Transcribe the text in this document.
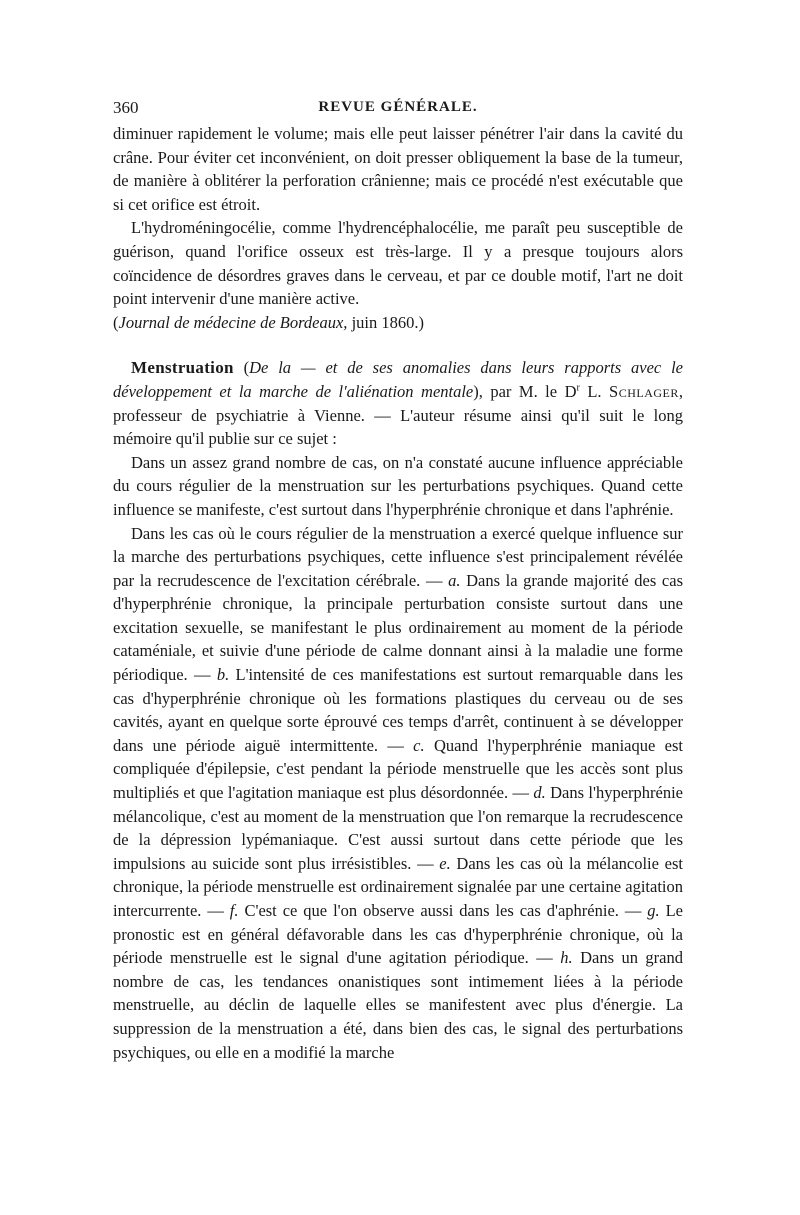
360	REVUE GÉNÉRALE.

diminuer rapidement le volume; mais elle peut laisser pénétrer l'air dans la cavité du crâne. Pour éviter cet inconvénient, on doit presser obliquement la base de la tumeur, de manière à oblitérer la perforation crânienne; mais ce procédé n'est exécutable que si cet orifice est étroit.

L'hydroméningocélie, comme l'hydrencéphalocélie, me paraît peu susceptible de guérison, quand l'orifice osseux est très-large. Il y a presque toujours alors coïncidence de désordres graves dans le cerveau, et par ce double motif, l'art ne doit point intervenir d'une manière active.
(Journal de médecine de Bordeaux, juin 1860.)

Menstruation (De la — et de ses anomalies dans leurs rapports avec le développement et la marche de l'aliénation mentale), par M. le $D^r$ L. Schlager, professeur de psychiatrie à Vienne. — L'auteur résume ainsi qu'il suit le long mémoire qu'il publie sur ce sujet :

Dans un assez grand nombre de cas, on n'a constaté aucune influence appréciable du cours régulier de la menstruation sur les perturbations psychiques. Quand cette influence se manifeste, c'est surtout dans l'hyperphrénie chronique et dans l'aphrénie.

Dans les cas où le cours régulier de la menstruation a exercé quelque influence sur la marche des perturbations psychiques, cette influence s'est principalement révélée par la recrudescence de l'excitation cérébrale. — a. Dans la grande majorité des cas d'hyperphrénie chronique, la principale perturbation consiste surtout dans une excitation sexuelle, se manifestant le plus ordinairement au moment de la période cataméniale, et suivie d'une période de calme donnant ainsi à la maladie une forme périodique. — b. L'intensité de ces manifestations est surtout remarquable dans les cas d'hyperphrénie chronique où les formations plastiques du cerveau ou de ses cavités, ayant en quelque sorte éprouvé ces temps d'arrêt, continuent à se développer dans une période aiguë intermittente. — c. Quand l'hyperphrénie maniaque est compliquée d'épilepsie, c'est pendant la période menstruelle que les accès sont plus multipliés et que l'agitation maniaque est plus désordonnée. — d. Dans l'hyperphrénie mélancolique, c'est au moment de la menstruation que l'on remarque la recrudescence de la dépression lypémaniaque. C'est aussi surtout dans cette période que les impulsions au suicide sont plus irrésistibles. — e. Dans les cas où la mélancolie est chronique, la période menstruelle est ordinairement signalée par une certaine agitation intercurrente. — f. C'est ce que l'on observe aussi dans les cas d'aphrénie. — g. Le pronostic est en général défavorable dans les cas d'hyperphrénie chronique, où la période menstruelle est le signal d'une agitation périodique. — h. Dans un grand nombre de cas, les tendances onanistiques sont intimement liées à la période menstruelle, au déclin de laquelle elles se manifestent avec plus d'énergie. La suppression de la menstruation a été, dans bien des cas, le signal des perturbations psychiques, ou elle en a modifié la marche
